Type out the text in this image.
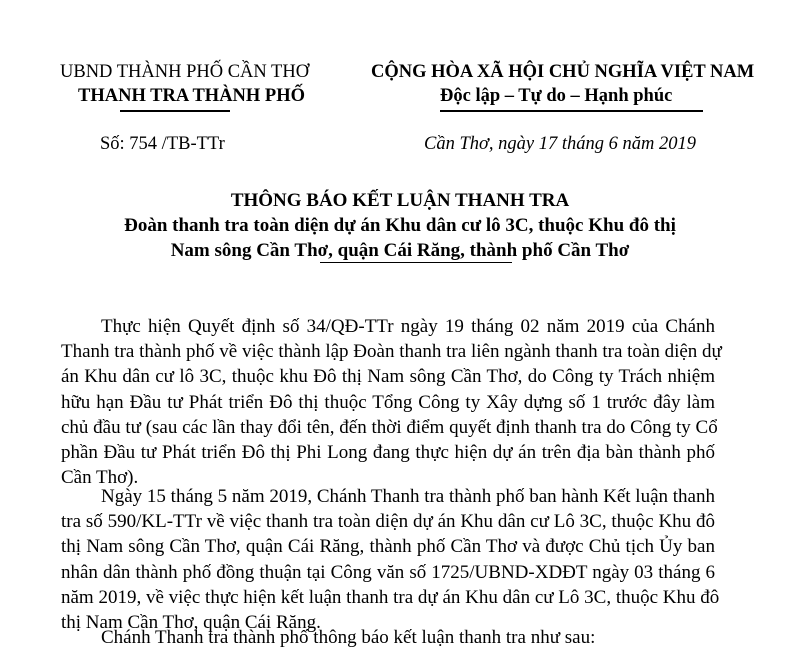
UBND THÀNH PHỐ CẦN THƠ
THANH TRA THÀNH PHỐ
Số: 754 /TB-TTr
CỘNG HÒA XÃ HỘI CHỦ NGHĨA VIỆT NAM
Độc lập – Tự do – Hạnh phúc
Cần Thơ, ngày 17 tháng 6 năm 2019
THÔNG BÁO KẾT LUẬN THANH TRA
Đoàn thanh tra toàn diện dự án Khu dân cư lô 3C, thuộc Khu đô thị
Nam sông Cần Thơ, quận Cái Răng, thành phố Cần Thơ
Thực hiện Quyết định số 34/QĐ-TTr ngày 19 tháng 02 năm 2019 của Chánh
Thanh tra thành phố về việc thành lập Đoàn thanh tra liên ngành thanh tra toàn diện dự
án Khu dân cư lô 3C, thuộc khu Đô thị Nam sông Cần Thơ, do Công ty Trách nhiệm
hữu hạn Đầu tư Phát triển Đô thị thuộc Tổng Công ty Xây dựng số 1 trước đây làm
chủ đầu tư (sau các lần thay đổi tên, đến thời điểm quyết định thanh tra do Công ty Cổ
phần Đầu tư Phát triển Đô thị Phi Long đang thực hiện dự án trên địa bàn thành phố
Cần Thơ).
Ngày 15 tháng 5 năm 2019, Chánh Thanh tra thành phố ban hành Kết luận thanh
tra số 590/KL-TTr về việc thanh tra toàn diện dự án Khu dân cư Lô 3C, thuộc Khu đô
thị Nam sông Cần Thơ, quận Cái Răng, thành phố Cần Thơ và được Chủ tịch Ủy ban
nhân dân thành phố đồng thuận tại Công văn số 1725/UBND-XDĐT ngày 03 tháng 6
năm 2019, về việc thực hiện kết luận thanh tra dự án Khu dân cư Lô 3C, thuộc Khu đô
thị Nam Cần Thơ, quận Cái Răng.
Chánh Thanh tra thành phố thông báo kết luận thanh tra như sau:
